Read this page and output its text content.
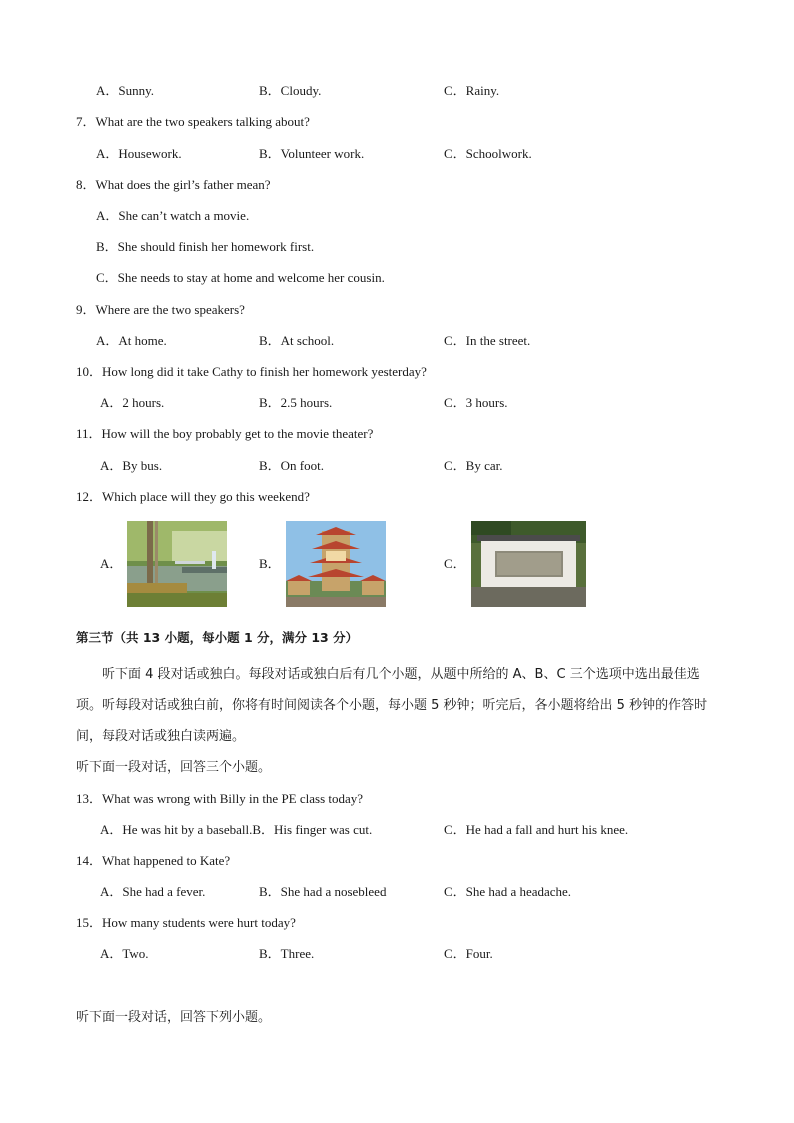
A．Sunny.	B．Cloudy.	C．Rainy.
7．What are the two speakers talking about?
A．Housework.	B．Volunteer work.	C．Schoolwork.
8．What does the girl’s father mean?
A．She can’t watch a movie.
B．She should finish her homework first.
C．She needs to stay at home and welcome her cousin.
9．Where are the two speakers?
A．At home.	B．At school.	C．In the street.
10．How long did it take Cathy to finish her homework yesterday?
A．2 hours.	B．2.5 hours.	C．3 hours.
11．How will the boy probably get to the movie theater?
A．By bus.	B．On foot.	C．By car.
12．Which place will they go this weekend?
A．	B．	C．
第三节（共 13 小题，每小题 1 分，满分 13 分）
听下面 4 段对话或独白。每段对话或独白后有几个小题，从题中所给的 A、B、C 三个选项中选出最佳选项。听每段对话或独白前，你将有时间阅读各个小题，每小题 5 秒钟；听完后，各小题将给出 5 秒钟的作答时间，每段对话或独白读两遍。
听下面一段对话，回答三个小题。
13．What was wrong with Billy in the PE class today?
A．He was hit by a baseball.B．His finger was cut.	C．He had a fall and hurt his knee.
14．What happened to Kate?
A．She had a fever.	B．She had a nosebleed	C．She had a headache.
15．How many students were hurt today?
A．Two.	B．Three.	C．Four.
听下面一段对话，回答下列小题。
